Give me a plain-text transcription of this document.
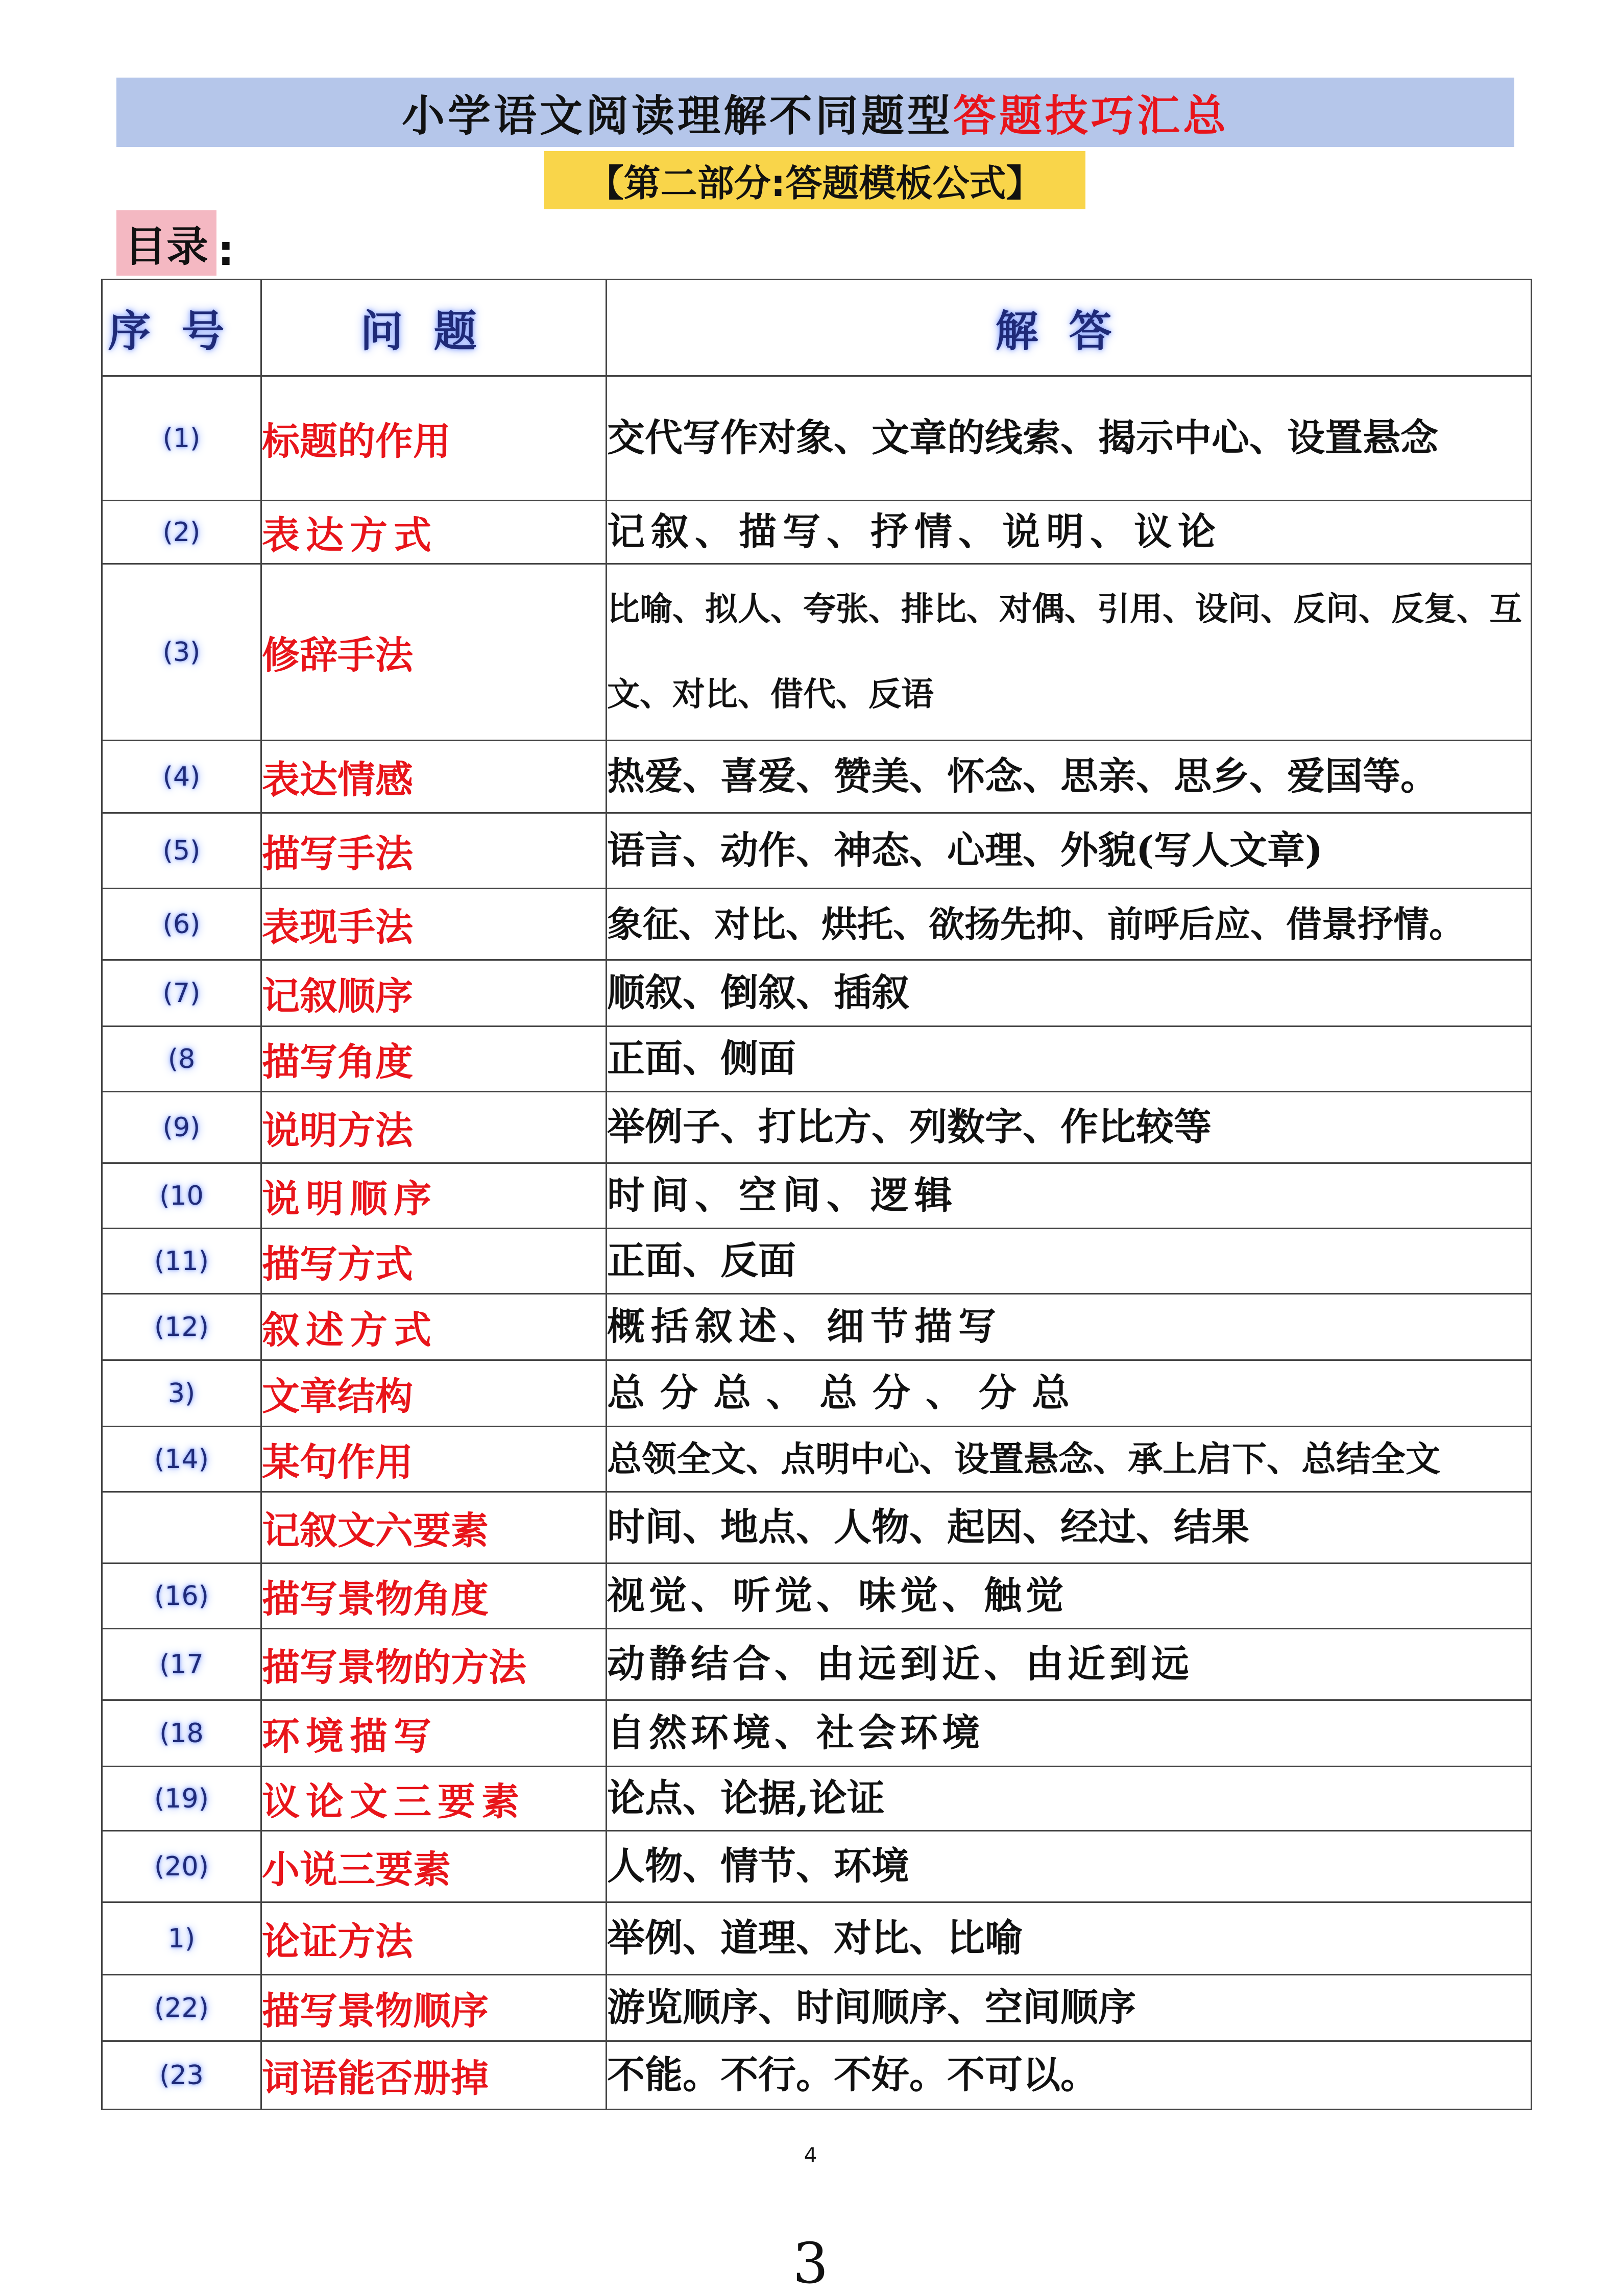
小学语文阅读理解不同题型 答题技巧汇总
【第二部分:答题模板公式】
目录 :
序号	问题	解答
(1)	标题的作用	交代写作对象、文章的线索、揭示中心、设置悬念
(2)	表达方式	记叙、描写、抒情、说明、议论
(3)	修辞手法	比喻、拟人、夸张、排比、对偶、引用、设问、反问、反复、互文、对比、借代、反语
(4)	表达情感	热爱、喜爱、赞美、怀念、思亲、思乡、爱国等。
(5)	描写手法	语言、动作、神态、心理、外貌(写人文章)
(6)	表现手法	象征、对比、烘托、欲扬先抑、前呼后应、借景抒情。
(7)	记叙顺序	顺叙、倒叙、插叙
(8	描写角度	正面、侧面
(9)	说明方法	举例子、打比方、列数字、作比较等
(10	说明顺序	时间、空间、逻辑
(11)	描写方式	正面、反面
(12)	叙述方式	概括叙述、细节描写
3)	文章结构	总分总、总分、分总
(14)	某句作用	总领全文、点明中心、设置悬念、承上启下、总结全文
	记叙文六要素	时间、地点、人物、起因、经过、结果
(16)	描写景物角度	视觉、听觉、味觉、触觉
(17	描写景物的方法	动静结合、由远到近、由近到远
(18	环境描写	自然环境、社会环境
(19)	议论文三要素	论点、论据,论证
(20)	小说三要素	人物、情节、环境
1)	论证方法	举例、道理、对比、比喻
(22)	描写景物顺序	游览顺序、时间顺序、空间顺序
(23	词语能否册掉	不能。不行。不好。不可以。
4
3
